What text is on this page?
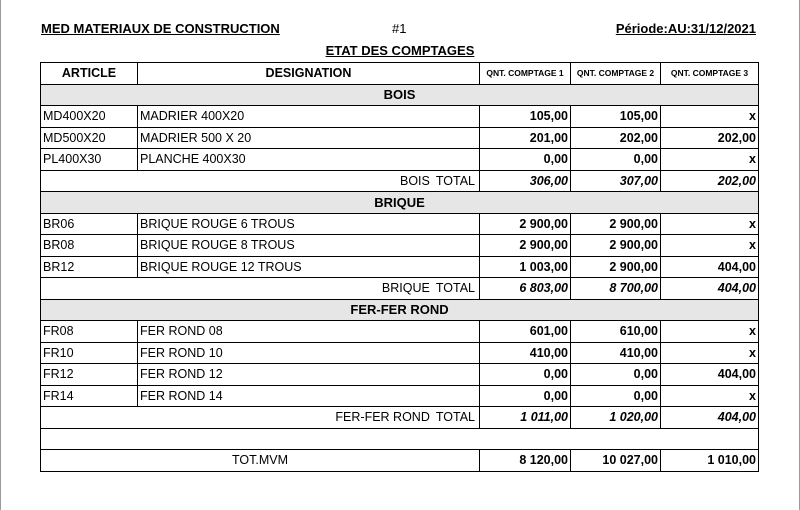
MED MATERIAUX DE CONSTRUCTION	#1	Période:AU:31/12/2021
ETAT DES COMPTAGES
ARTICLE	DESIGNATION	QNT. COMPTAGE 1	QNT. COMPTAGE 2	QNT. COMPTAGE 3
BOIS				
MD400X20	MADRIER 400X20	105,00	105,00	x
MD500X20	MADRIER 500 X 20	201,00	202,00	202,00
PL400X30	PLANCHE 400X30	0,00	0,00	x
BOIS TOTAL		306,00	307,00	202,00
BRIQUE				
BR06	BRIQUE ROUGE 6 TROUS	2 900,00	2 900,00	x
BR08	BRIQUE ROUGE 8 TROUS	2 900,00	2 900,00	x
BR12	BRIQUE ROUGE 12 TROUS	1 003,00	2 900,00	404,00
BRIQUE TOTAL		6 803,00	8 700,00	404,00
FER-FER ROND				
FR08	FER ROND 08	601,00	610,00	x
FR10	FER ROND 10	410,00	410,00	x
FR12	FER ROND 12	0,00	0,00	404,00
FR14	FER ROND 14	0,00	0,00	x
FER-FER ROND TOTAL		1 011,00	1 020,00	404,00

TOT.MVM		8 120,00	10 027,00	1 010,00
